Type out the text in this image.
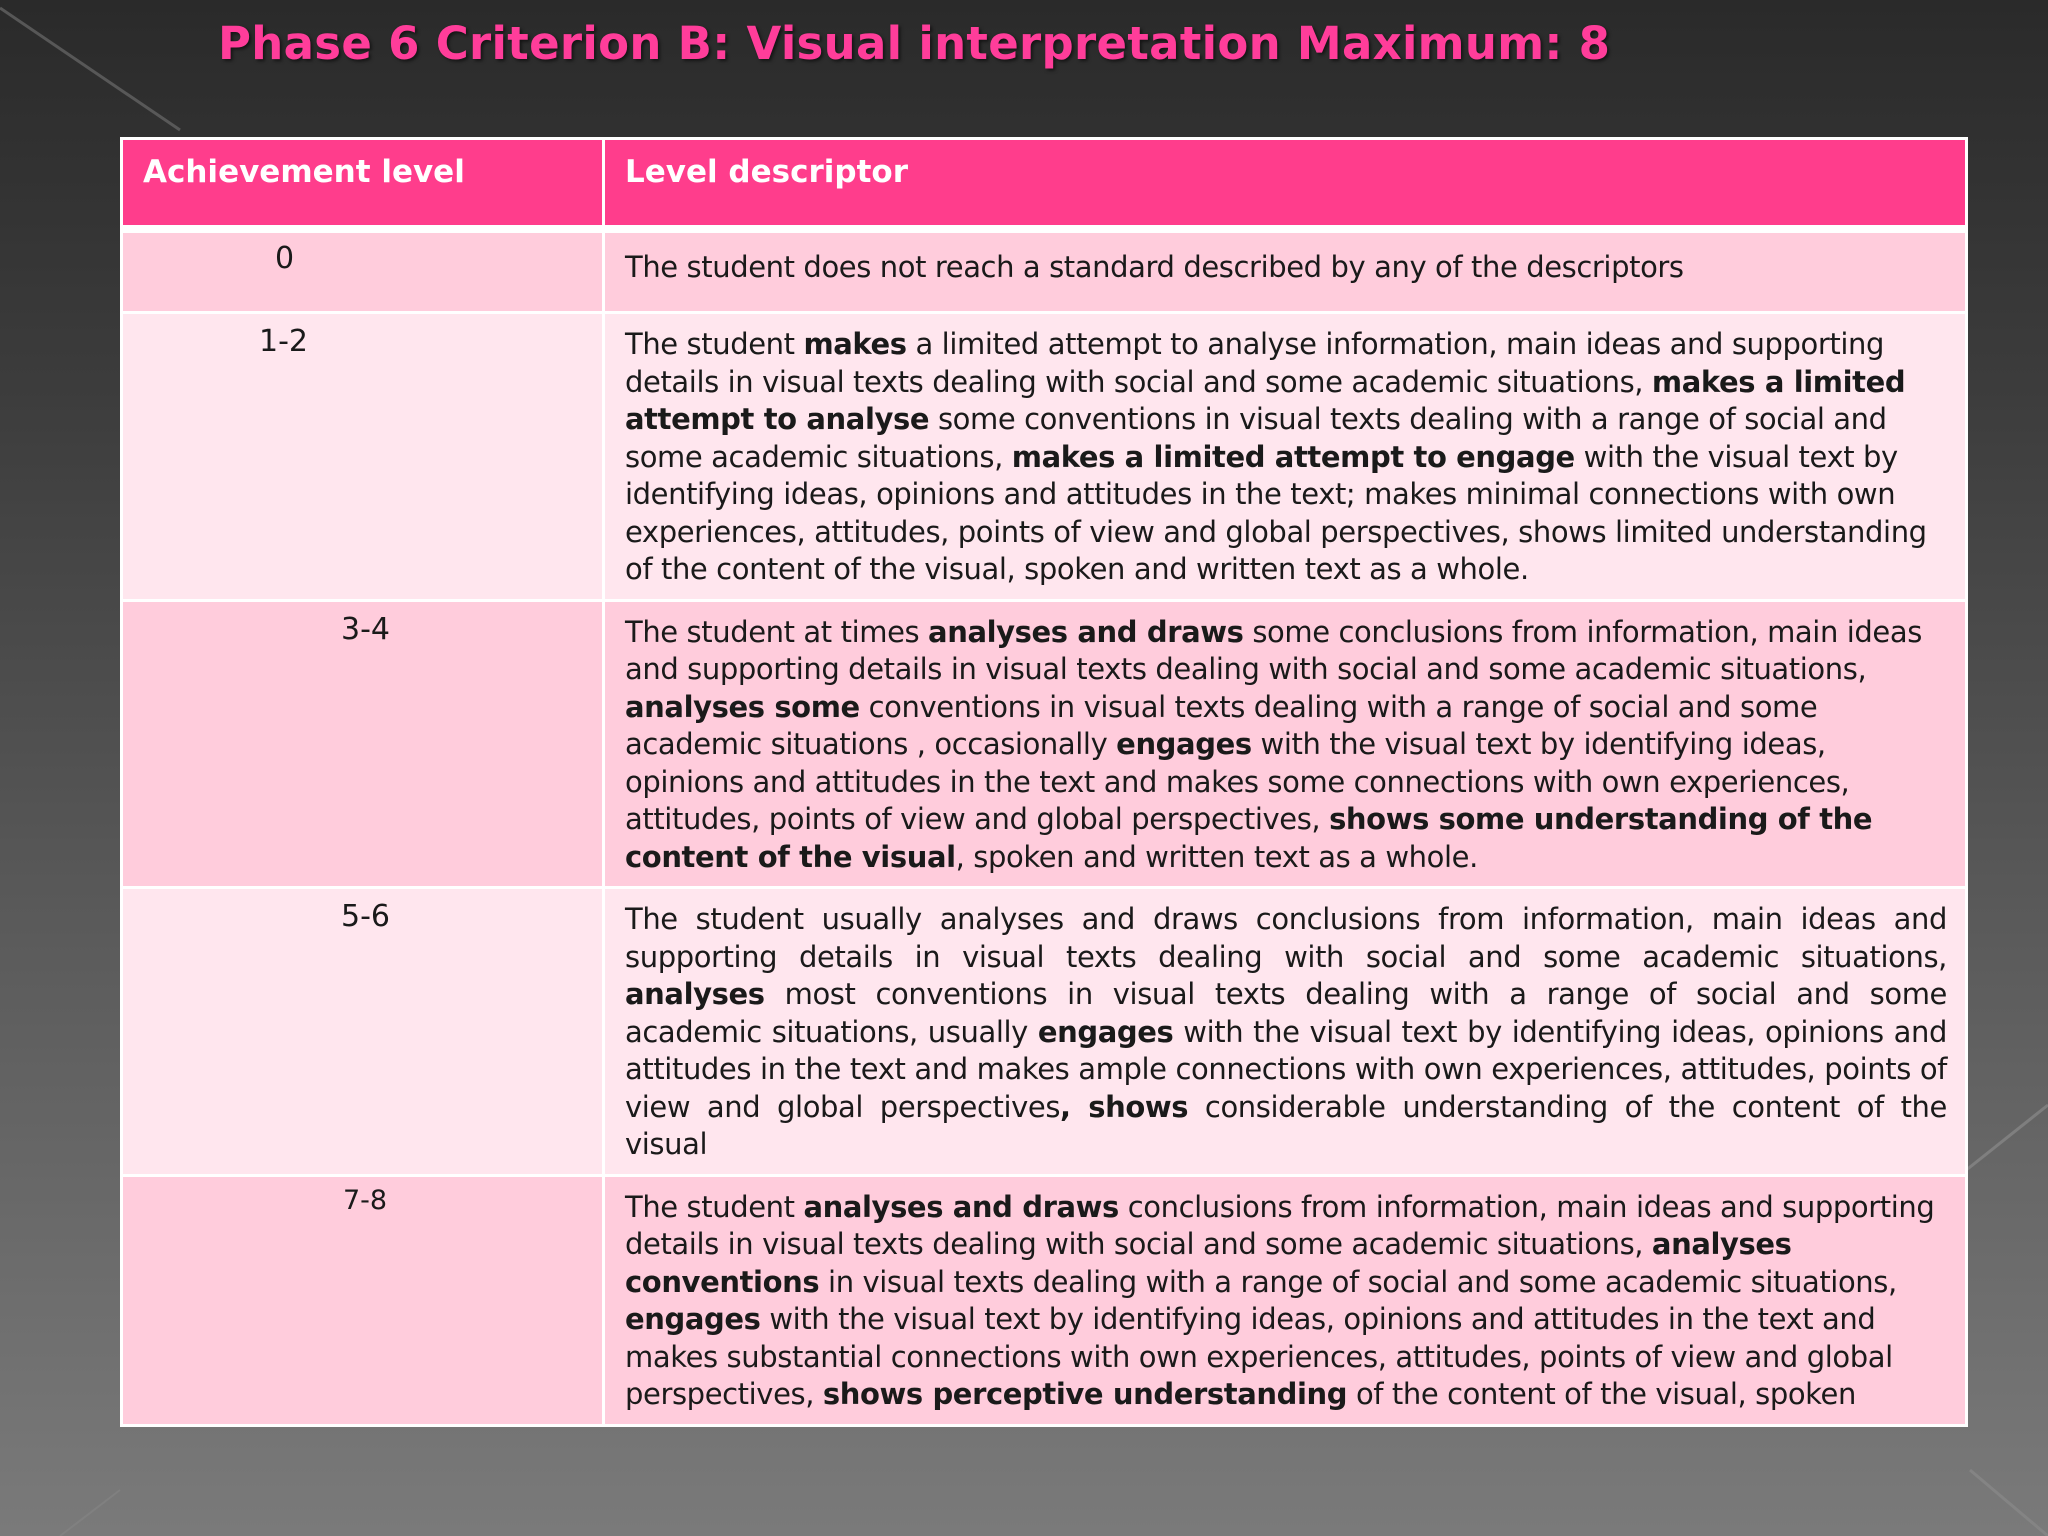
Phase 6 Criterion B: Visual interpretation Maximum: 8
Achievement level	Level descriptor

0	The student does not reach a standard described by any of the descriptors

1-2	The student makes a limited attempt to analyse information, main ideas and supporting details in visual texts dealing with social and some academic situations, makes a limited attempt to analyse some conventions in visual texts dealing with a range of social and some academic situations, makes a limited attempt to engage with the visual text by identifying ideas, opinions and attitudes in the text; makes minimal connections with own experiences, attitudes, points of view and global perspectives, shows limited understanding of the content of the visual, spoken and written text as a whole.

3-4	The student at times analyses and draws some conclusions from information, main ideas and supporting details in visual texts dealing with social and some academic situations, analyses some conventions in visual texts dealing with a range of social and some academic situations , occasionally engages with the visual text by identifying ideas, opinions and attitudes in the text and makes some connections with own experiences, attitudes, points of view and global perspectives, shows some understanding of the content of the visual, spoken and written text as a whole.

5-6	The student usually analyses and draws conclusions from information, main ideas and supporting details in visual texts dealing with social and some academic situations, analyses most conventions in visual texts dealing with a range of social and some academic situations, usually engages with the visual text by identifying ideas, opinions and attitudes in the text and makes ample connections with own experiences, attitudes, points of view and global perspectives, shows considerable understanding of the content of the visual

7-8	The student analyses and draws conclusions from information, main ideas and supporting details in visual texts dealing with social and some academic situations, analyses conventions in visual texts dealing with a range of social and some academic situations, engages with the visual text by identifying ideas, opinions and attitudes in the text and makes substantial connections with own experiences, attitudes, points of view and global perspectives, shows perceptive understanding of the content of the visual, spoken
